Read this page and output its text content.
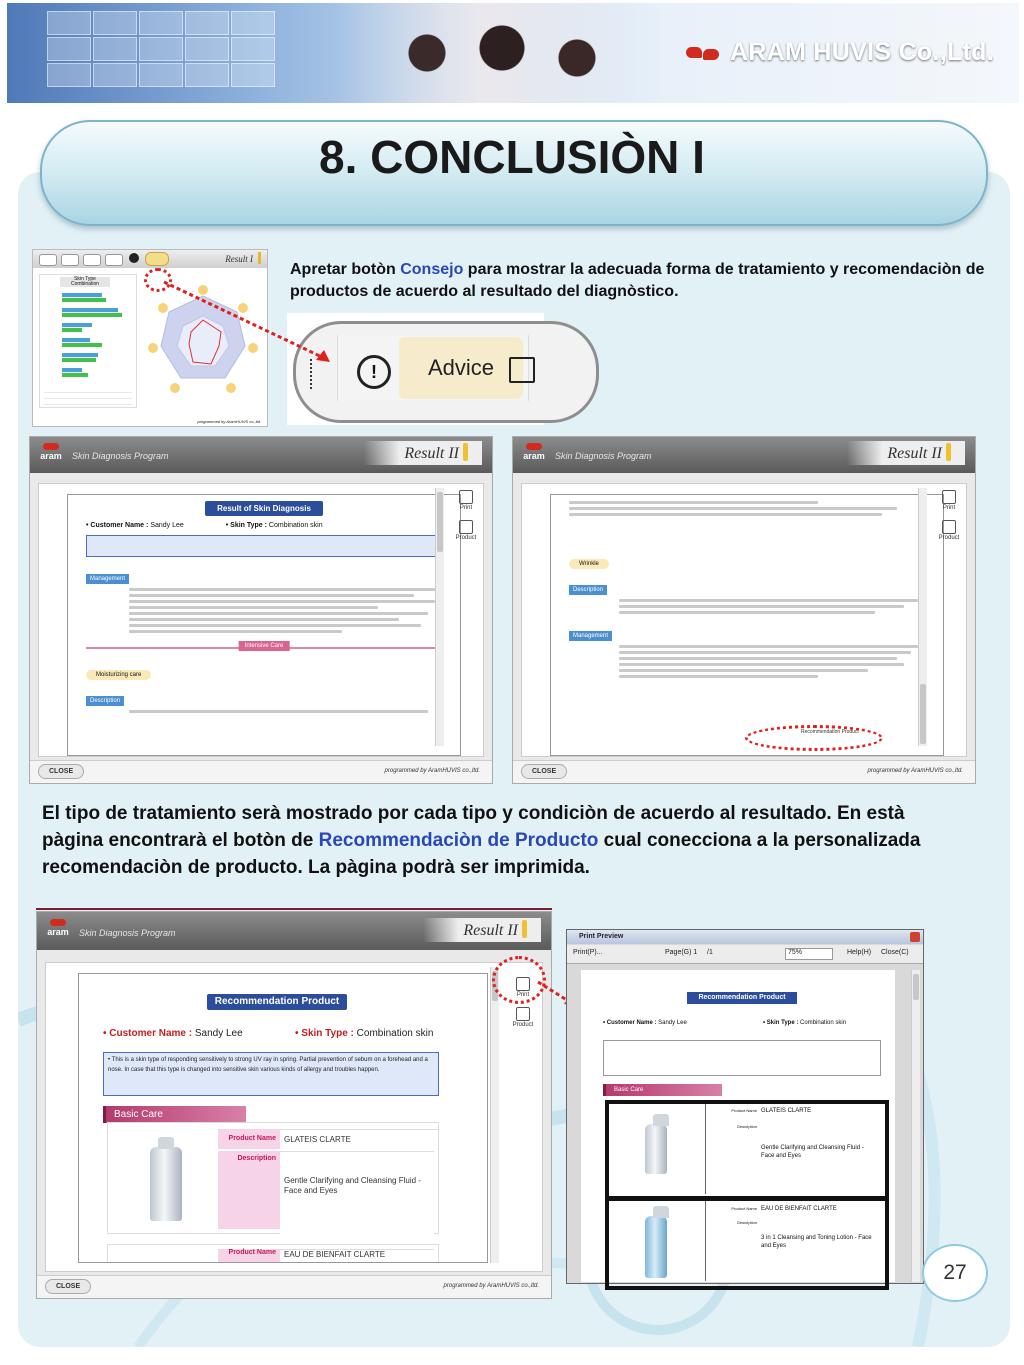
ARAM HUVIS Co.,Ltd.
8. CONCLUSIÒN I
Result I
Skin Type
Combination
programmed by AramHUVIS co.,ltd.
Apretar botòn Consejo para mostrar la adecuada forma de tratamiento y recomendaciòn de productos de acuerdo al resultado del diagnòstico.
!	Advice
aram Skin Diagnosis Program	Result II
Result of Skin Diagnosis
• Customer Name : Sandy Lee	• Skin Type : Combination skin
Management
Intensive Care
Moisturizing care
Description
Print
Product
CLOSE	programmed by AramHUVIS co.,ltd.
aram Skin Diagnosis Program	Result II
Wrinkle
Description
Management
Recommendation Product
Print
Product
CLOSE	programmed by AramHUVIS co.,ltd.
El tipo de tratamiento serà mostrado por cada tipo y condiciòn de acuerdo al resultado. En està pàgina encontrarà el botòn de Recommendaciòn de Producto cual conecciona a la personalizada recomendaciòn de producto. La pàgina podrà ser imprimida.
aram Skin Diagnosis Program	Result II
Recommendation Product
• Customer Name : Sandy Lee	• Skin Type : Combination skin
• This is a skin type of responding sensitively to strong UV ray in spring. Partial prevention of sebum on a forehead and a nose. In case that this type is changed into sensitive skin various kinds of allergy and troubles happen.
Basic Care
Product Name	GLATEIS CLARTE
Description
Gentle Clarifying and Cleansing Fluid - Face and Eyes
Product Name	EAU DE BIENFAIT CLARTE
Print
Product
CLOSE	programmed by AramHUVIS co.,ltd.
Print Preview
Print(P)...	Page(G) 1 /1	75%	Help(H) Close(C)
Recommendation Product
• Customer Name : Sandy Lee	• Skin Type : Combination skin
Basic Care
Product Name GLATEIS CLARTE
Description
Gentle Clarifying and Cleansing Fluid - Face and Eyes
Product Name EAU DE BIENFAIT CLARTE
Description
3 in 1 Cleansing and Toning Lotion - Face and Eyes
27
